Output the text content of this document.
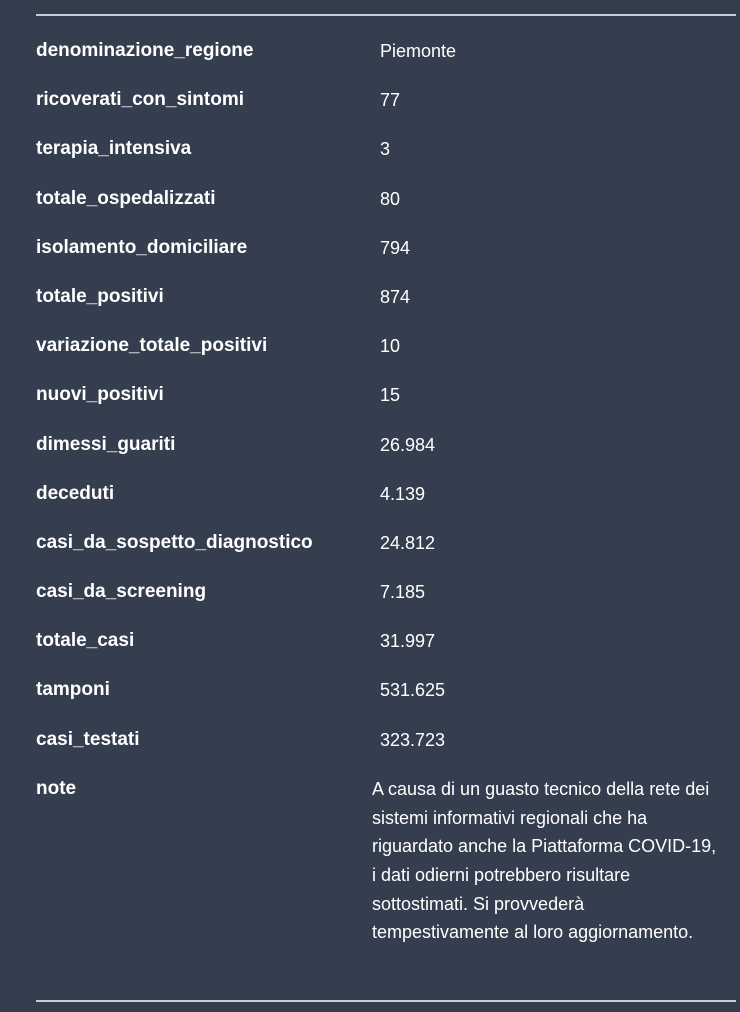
denominazione_regione	Piemonte
ricoverati_con_sintomi	77
terapia_intensiva	3
totale_ospedalizzati	80
isolamento_domiciliare	794
totale_positivi	874
variazione_totale_positivi	10
nuovi_positivi	15
dimessi_guariti	26.984
deceduti	4.139
casi_da_sospetto_diagnostico	24.812
casi_da_screening	7.185
totale_casi	31.997
tamponi	531.625
casi_testati	323.723
note	A causa di un guasto tecnico della rete dei sistemi informativi regionali che ha riguardato anche la Piattaforma COVID-19, i dati odierni potrebbero risultare sottostimati. Si provvederà tempestivamente al loro aggiornamento.
